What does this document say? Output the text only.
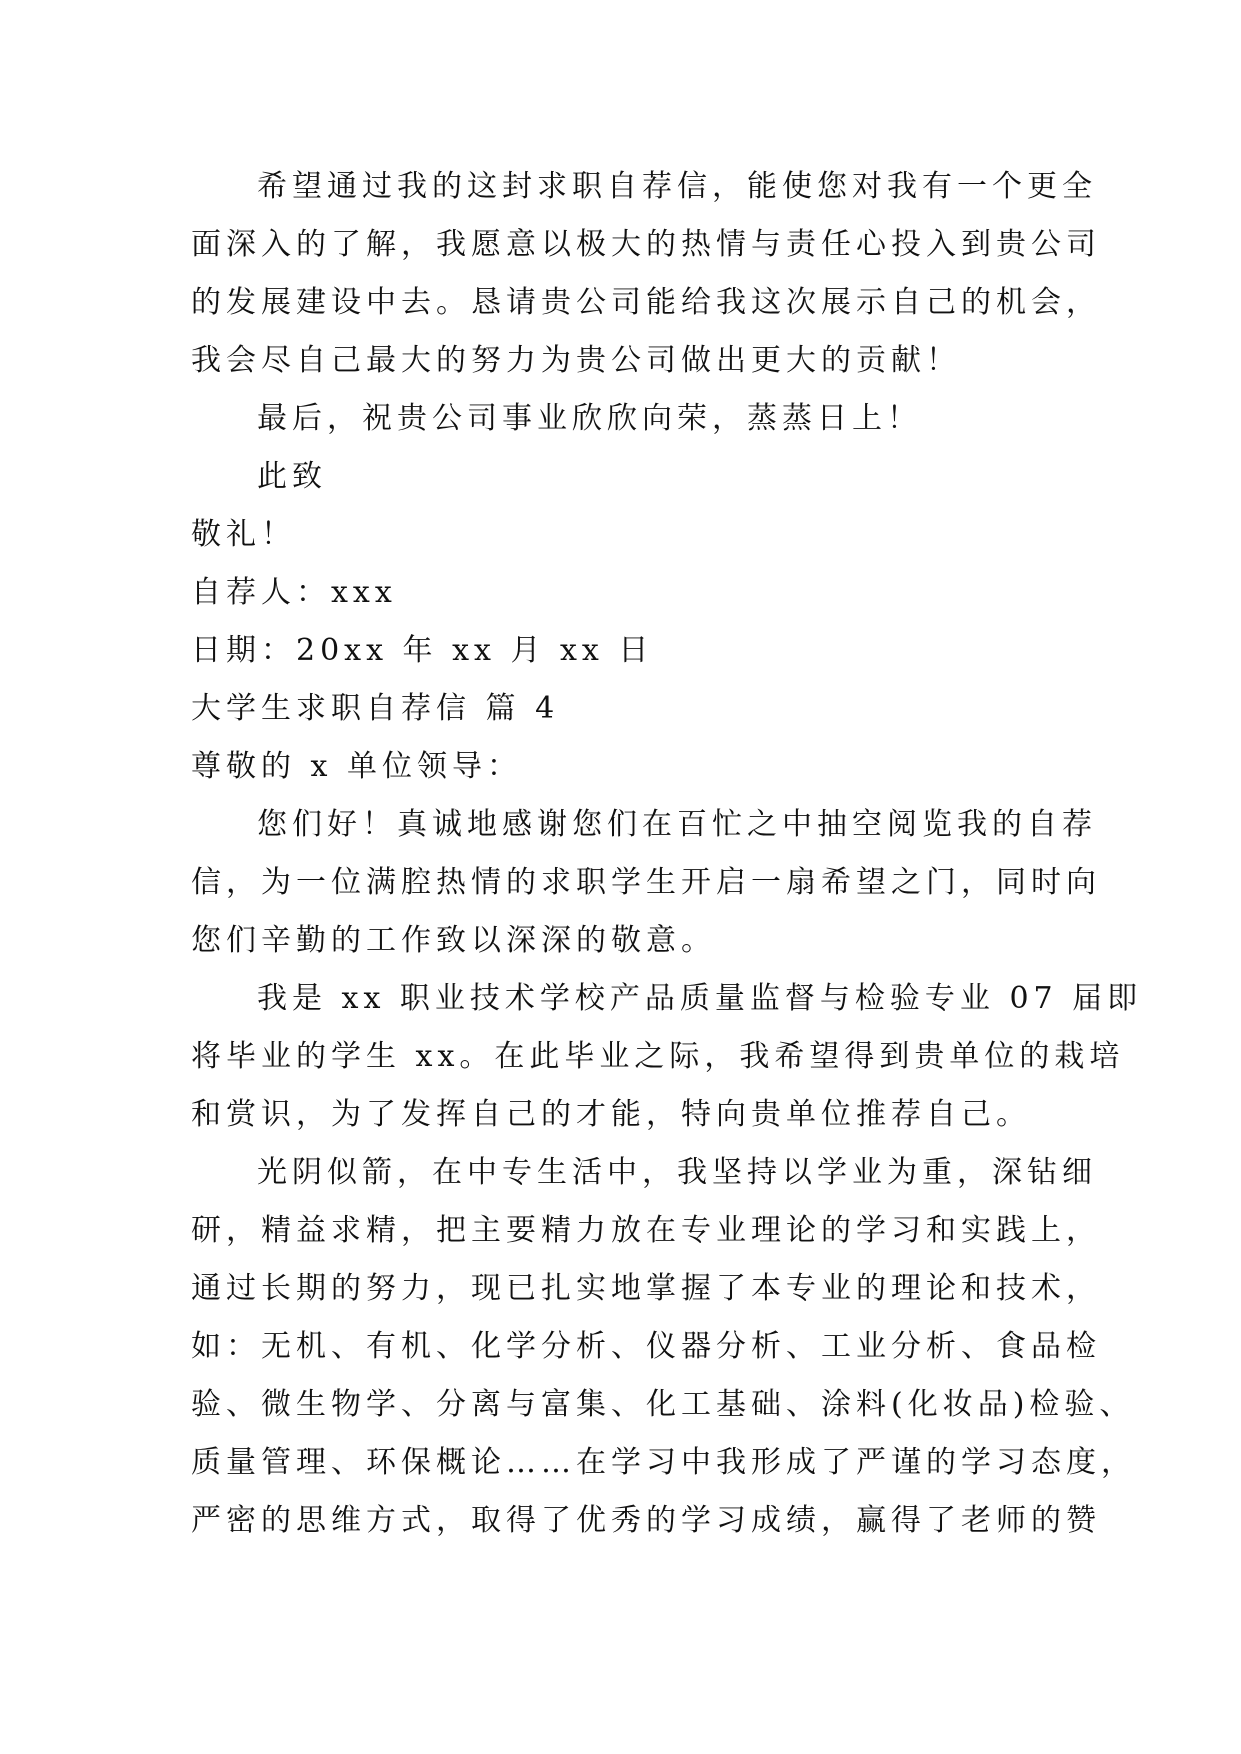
希望通过我的这封求职自荐信，能使您对我有一个更全
面深入的了解，我愿意以极大的热情与责任心投入到贵公司
的发展建设中去。恳请贵公司能给我这次展示自己的机会，
我会尽自己最大的努力为贵公司做出更大的贡献！
最后，祝贵公司事业欣欣向荣，蒸蒸日上！
此致
敬礼！
自荐人：xxx
日期：20xx 年 xx 月 xx 日
大学生求职自荐信 篇 4
尊敬的 x 单位领导：
您们好！真诚地感谢您们在百忙之中抽空阅览我的自荐
信，为一位满腔热情的求职学生开启一扇希望之门，同时向
您们辛勤的工作致以深深的敬意。
我是 xx 职业技术学校产品质量监督与检验专业 07 届即
将毕业的学生 xx。在此毕业之际，我希望得到贵单位的栽培
和赏识，为了发挥自己的才能，特向贵单位推荐自己。
光阴似箭，在中专生活中，我坚持以学业为重，深钻细
研，精益求精，把主要精力放在专业理论的学习和实践上，
通过长期的努力，现已扎实地掌握了本专业的理论和技术，
如：无机、有机、化学分析、仪器分析、工业分析、食品检
验、微生物学、分离与富集、化工基础、涂料(化妆品)检验、
质量管理、环保概论……在学习中我形成了严谨的学习态度，
严密的思维方式，取得了优秀的学习成绩，赢得了老师的赞
